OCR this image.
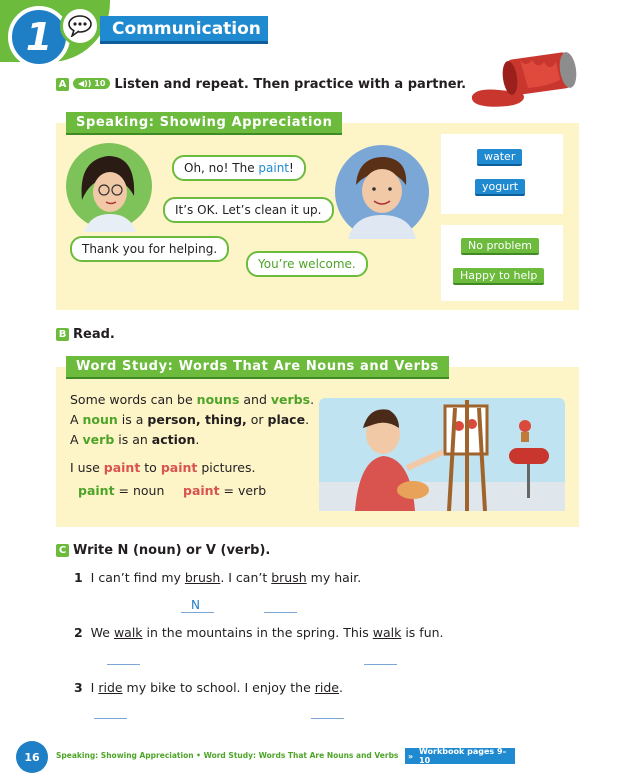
1	Communication
A ◀)) 10 Listen and repeat. Then practice with a partner.
Speaking: Showing Appreciation
Oh, no! The paint!
It’s OK. Let’s clean it up.
Thank you for helping.
You’re welcome.
water
yogurt
No problem
Happy to help
B Read.
Word Study: Words That Are Nouns and Verbs
Some words can be nouns and verbs.
A noun is a person, thing, or place.
A verb is an action.
I use paint to paint pictures.
paint = noun paint = verb
C Write N (noun) or V (verb).
1 I can’t find my brush. I can’t brush my hair.
N
2 We walk in the mountains in the spring. This walk is fun.
3 I ride my bike to school. I enjoy the ride.
16	Speaking: Showing Appreciation • Word Study: Words That Are Nouns and Verbs » Workbook pages 9–10
